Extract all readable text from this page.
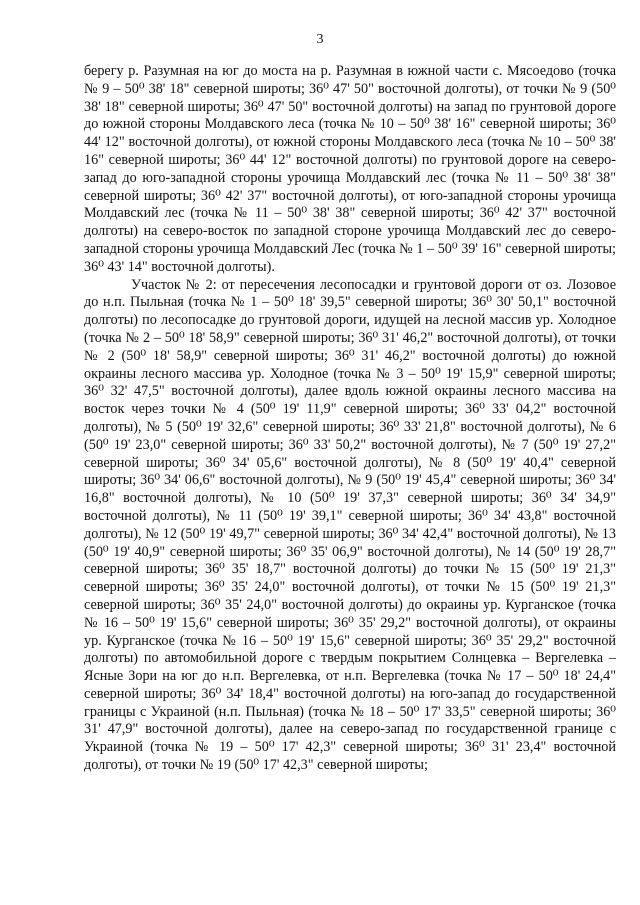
3

берегу р. Разумная на юг до моста на р. Разумная в южной части с. Мясоедово (точка № 9 – 50⁰ 38' 18" северной широты; 36⁰ 47' 50" восточной долготы), от точки № 9 (50⁰ 38' 18" северной широты; 36⁰ 47' 50" восточной долготы) на запад по грунтовой дороге до южной стороны Молдавского леса (точка № 10 – 50⁰ 38' 16" северной широты; 36⁰ 44' 12" восточной долготы), от южной стороны Молдавского леса (точка № 10 – 50⁰ 38' 16" северной широты; 36⁰ 44' 12" восточной долготы) по грунтовой дороге на северо-запад до юго-западной стороны урочища Молдавский лес (точка № 11 – 50⁰ 38' 38" северной широты; 36⁰ 42' 37" восточной долготы), от юго-западной стороны урочища Молдавский лес (точка № 11 – 50⁰ 38' 38" северной широты; 36⁰ 42' 37" восточной долготы) на северо-восток по западной стороне урочища Молдавский лес до северо-западной стороны урочища Молдавский Лес (точка № 1 – 50⁰ 39' 16" северной широты; 36⁰ 43' 14" восточной долготы).

Участок № 2: от пересечения лесопосадки и грунтовой дороги от оз. Лозовое до н.п. Пыльная (точка № 1 – 50⁰ 18' 39,5" северной широты; 36⁰ 30' 50,1" восточной долготы) по лесопосадке до грунтовой дороги, идущей на лесной массив ур. Холодное (точка № 2 – 50⁰ 18' 58,9" северной широты; 36⁰ 31' 46,2" восточной долготы), от точки № 2 (50⁰ 18' 58,9" северной широты; 36⁰ 31' 46,2" восточной долготы) до южной окраины лесного массива ур. Холодное (точка № 3 – 50⁰ 19' 15,9" северной широты; 36⁰ 32' 47,5" восточной долготы), далее вдоль южной окраины лесного массива на восток через точки № 4 (50⁰ 19' 11,9" северной широты; 36⁰ 33' 04,2" восточной долготы), № 5 (50⁰ 19' 32,6" северной широты; 36⁰ 33' 21,8" восточной долготы), № 6 (50⁰ 19' 23,0" северной широты; 36⁰ 33' 50,2" восточной долготы), № 7 (50⁰ 19' 27,2" северной широты; 36⁰ 34' 05,6" восточной долготы), № 8 (50⁰ 19' 40,4" северной широты; 36⁰ 34' 06,6" восточной долготы), № 9 (50⁰ 19' 45,4" северной широты; 36⁰ 34' 16,8" восточной долготы), № 10 (50⁰ 19' 37,3" северной широты; 36⁰ 34' 34,9" восточной долготы), № 11 (50⁰ 19' 39,1" северной широты; 36⁰ 34' 43,8" восточной долготы), № 12 (50⁰ 19' 49,7" северной широты; 36⁰ 34' 42,4" восточной долготы), № 13 (50⁰ 19' 40,9" северной широты; 36⁰ 35' 06,9" восточной долготы), № 14 (50⁰ 19' 28,7" северной широты; 36⁰ 35' 18,7" восточной долготы) до точки № 15 (50⁰ 19' 21,3" северной широты; 36⁰ 35' 24,0" восточной долготы), от точки № 15 (50⁰ 19' 21,3" северной широты; 36⁰ 35' 24,0" восточной долготы) до окраины ур. Курганское (точка № 16 – 50⁰ 19' 15,6" северной широты; 36⁰ 35' 29,2" восточной долготы), от окраины ур. Курганское (точка № 16 – 50⁰ 19' 15,6" северной широты; 36⁰ 35' 29,2" восточной долготы) по автомобильной дороге с твердым покрытием Солнцевка – Вергелевка – Ясные Зори на юг до н.п. Вергелевка, от н.п. Вергелевка (точка № 17 – 50⁰ 18' 24,4" северной широты; 36⁰ 34' 18,4" восточной долготы) на юго-запад до государственной границы с Украиной (н.п. Пыльная) (точка № 18 – 50⁰ 17' 33,5" северной широты; 36⁰ 31' 47,9" восточной долготы), далее на северо-запад по государственной границе с Украиной (точка № 19 – 50⁰ 17' 42,3" северной широты; 36⁰ 31' 23,4" восточной долготы), от точки № 19 (50⁰ 17' 42,3" северной широты;
